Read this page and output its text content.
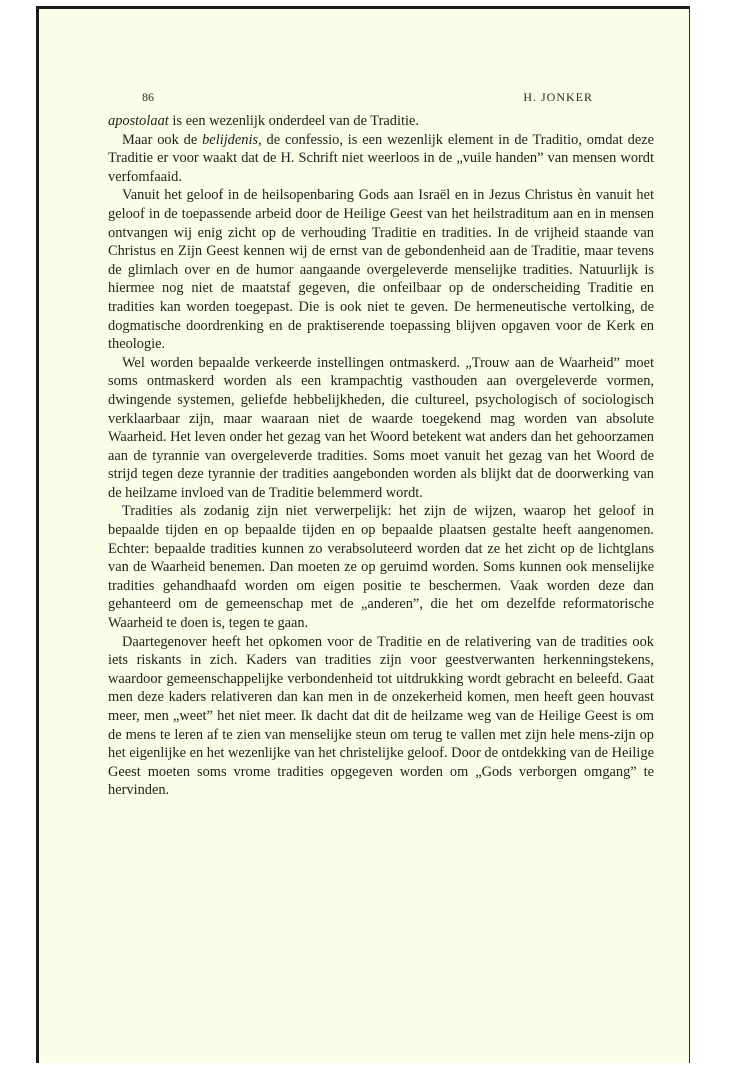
86	H. JONKER

apostolaat is een wezenlijk onderdeel van de Traditie.

Maar ook de belijdenis, de confessio, is een wezenlijk element in de Traditio, omdat deze Traditie er voor waakt dat de H. Schrift niet weerloos in de „vuile handen” van mensen wordt verfomfaaid.

Vanuit het geloof in de heilsopenbaring Gods aan Israël en in Jezus Christus èn vanuit het geloof in de toepassende arbeid door de Heilige Geest van het heilstraditum aan en in mensen ontvangen wij enig zicht op de verhouding Traditie en tradities. In de vrijheid staande van Christus en Zijn Geest kennen wij de ernst van de gebondenheid aan de Traditie, maar tevens de glimlach over en de humor aangaande overgeleverde menselijke tradities. Natuurlijk is hiermee nog niet de maatstaf gegeven, die onfeilbaar op de onderscheiding Traditie en tradities kan worden toegepast. Die is ook niet te geven. De hermeneutische vertolking, de dogmatische doordrenking en de praktiserende toepassing blijven opgaven voor de Kerk en theologie.

Wel worden bepaalde verkeerde instellingen ontmaskerd. „Trouw aan de Waarheid” moet soms ontmaskerd worden als een krampachtig vasthouden aan overgeleverde vormen, dwingende systemen, geliefde hebbelijkheden, die cultureel, psychologisch of sociologisch verklaarbaar zijn, maar waaraan niet de waarde toegekend mag worden van absolute Waarheid. Het leven onder het gezag van het Woord betekent wat anders dan het gehoorzamen aan de tyrannie van overgeleverde tradities. Soms moet vanuit het gezag van het Woord de strijd tegen deze tyrannie der tradities aangebonden worden als blijkt dat de doorwerking van de heilzame invloed van de Traditie belemmerd wordt.

Tradities als zodanig zijn niet verwerpelijk: het zijn de wijzen, waarop het geloof in bepaalde tijden en op bepaalde tijden en op bepaalde plaatsen gestalte heeft aangenomen. Echter: bepaalde tradities kunnen zo verabsoluteerd worden dat ze het zicht op de lichtglans van de Waarheid benemen. Dan moeten ze op geruimd worden. Soms kunnen ook menselijke tradities gehandhaafd worden om eigen positie te beschermen. Vaak worden deze dan gehanteerd om de gemeenschap met de „anderen”, die het om dezelfde reformatorische Waarheid te doen is, tegen te gaan.

Daartegenover heeft het opkomen voor de Traditie en de relativering van de tradities ook iets riskants in zich. Kaders van tradities zijn voor geestverwanten herkenningstekens, waardoor gemeenschappelijke verbondenheid tot uitdrukking wordt gebracht en beleefd. Gaat men deze kaders relativeren dan kan men in de onzekerheid komen, men heeft geen houvast meer, men „weet” het niet meer. Ik dacht dat dit de heilzame weg van de Heilige Geest is om de mens te leren af te zien van menselijke steun om terug te vallen met zijn hele mens-zijn op het eigenlijke en het wezenlijke van het christelijke geloof. Door de ontdekking van de Heilige Geest moeten soms vrome tradities opgegeven worden om „Gods verborgen omgang” te hervinden.
